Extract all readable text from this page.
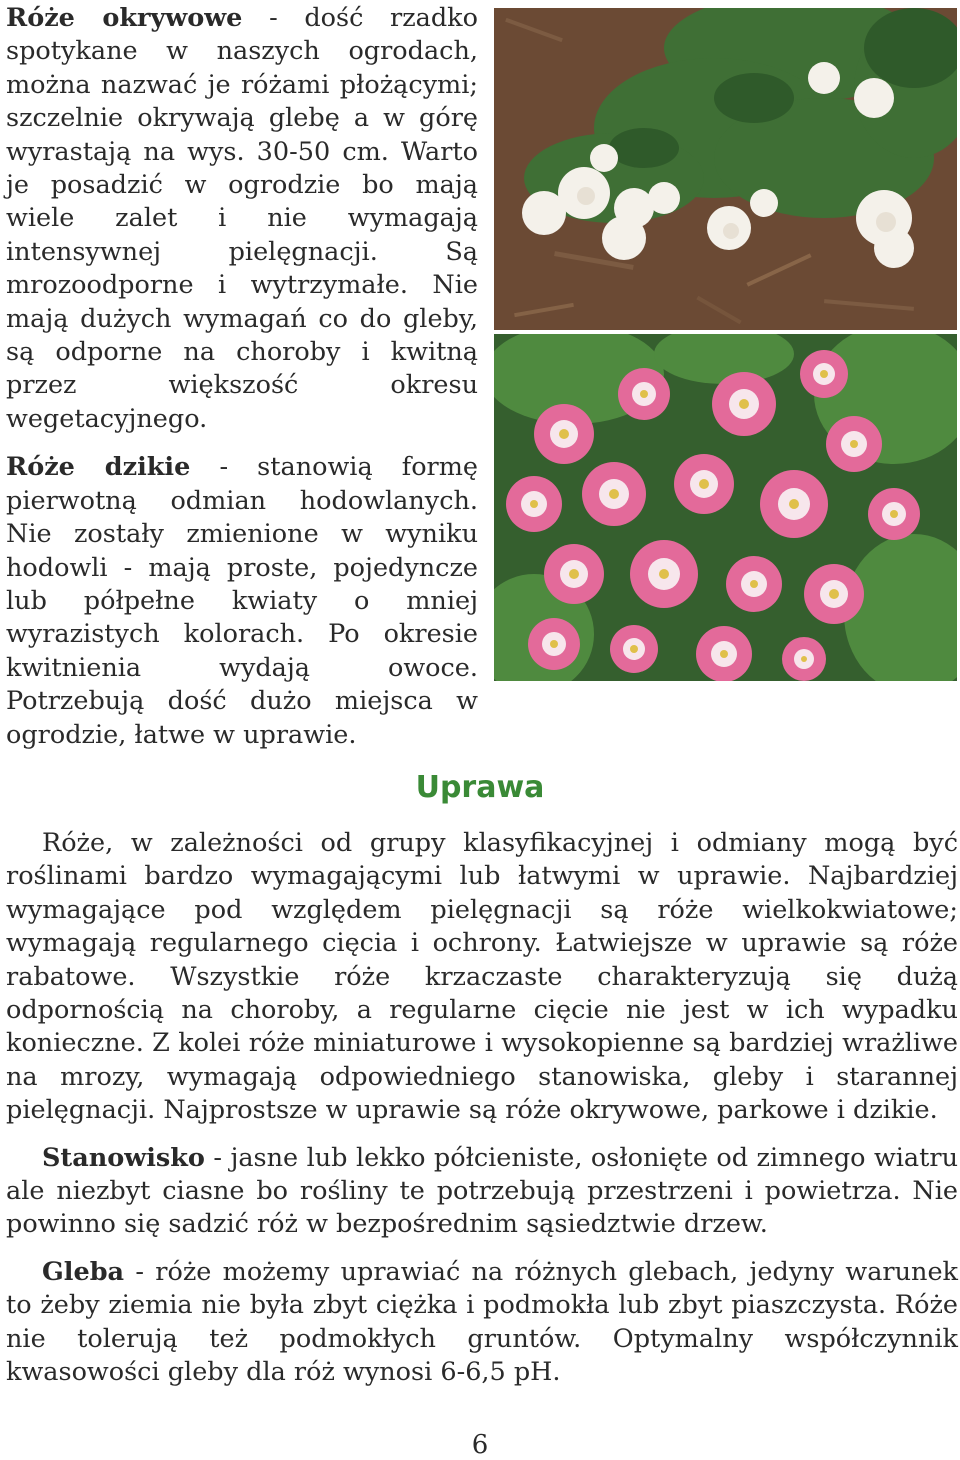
Róże okrywowe - dość rzadko spotykane w naszych ogrodach, można nazwać je różami płożącymi; szczelnie okrywają glebę a w górę wyrastają na wys. 30-50 cm. Warto je posadzić w ogrodzie bo mają wiele zalet i nie wymagają intensywnej pielęgnacji. Są mrozoodporne i wytrzymałe. Nie mają dużych wymagań co do gleby, są odporne na choroby i kwitną przez większość okresu wegetacyjnego.

Róże dzikie - stanowią formę pierwotną odmian hodowlanych. Nie zostały zmienione w wyniku hodowli - mają proste, pojedyncze lub półpełne kwiaty o mniej wyrazistych kolorach. Po okresie kwitnienia wydają owoce. Potrzebują dość dużo miejsca w ogrodzie, łatwe w uprawie.

Uprawa

Róże, w zależności od grupy klasyfikacyjnej i odmiany mogą być roślinami bardzo wymagającymi lub łatwymi w uprawie. Najbardziej wymagające pod względem pielęgnacji są róże wielkokwiatowe; wymagają regularnego cięcia i ochrony. Łatwiejsze w uprawie są róże rabatowe. Wszystkie róże krzaczaste charakteryzują się dużą odpornością na choroby, a regularne cięcie nie jest w ich wypadku konieczne. Z kolei róże miniaturowe i wysokopienne są bardziej wrażliwe na mrozy, wymagają odpowiedniego stanowiska, gleby i starannej pielęgnacji. Najprostsze w uprawie są róże okrywowe, parkowe i dzikie.

Stanowisko - jasne lub lekko półcieniste, osłonięte od zimnego wiatru ale niezbyt ciasne bo rośliny te potrzebują przestrzeni i powietrza. Nie powinno się sadzić róż w bezpośrednim sąsiedztwie drzew.

Gleba - róże możemy uprawiać na różnych glebach, jedyny warunek to żeby ziemia nie była zbyt ciężka i podmokła lub zbyt piaszczysta. Róże nie tolerują też podmokłych gruntów. Optymalny współczynnik kwasowości gleby dla róż wynosi 6-6,5 pH.

6
